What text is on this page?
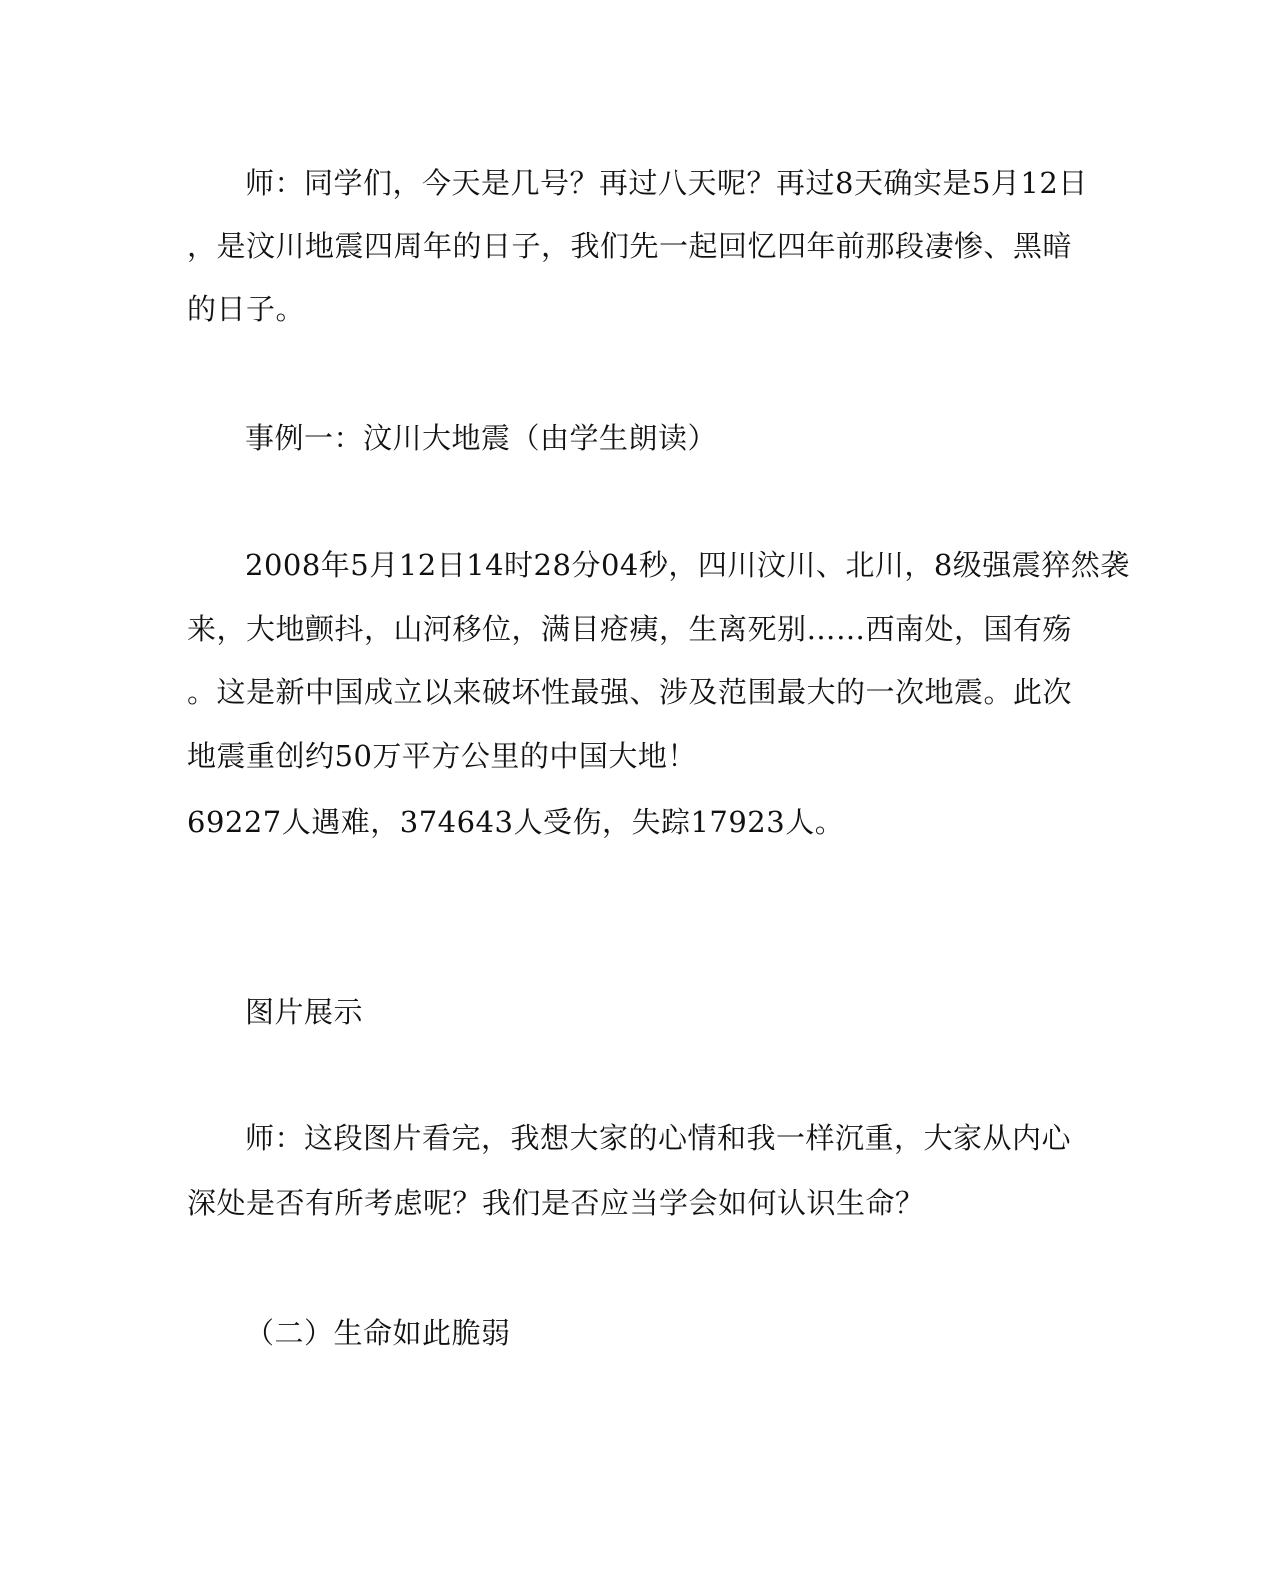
师：同学们，今天是几号？再过八天呢？再过8天确实是5月12日
，是汶川地震四周年的日子，我们先一起回忆四年前那段凄惨、黑暗
的日子。
事例一：汶川大地震（由学生朗读）
2008年5月12日14时28分04秒，四川汶川、北川，8级强震猝然袭
来，大地颤抖，山河移位，满目疮痍，生离死别……西南处，国有殇
。这是新中国成立以来破坏性最强、涉及范围最大的一次地震。此次
地震重创约50万平方公里的中国大地！
69227人遇难，374643人受伤，失踪17923人。
图片展示
师：这段图片看完，我想大家的心情和我一样沉重，大家从内心
深处是否有所考虑呢？我们是否应当学会如何认识生命？
（二）生命如此脆弱
